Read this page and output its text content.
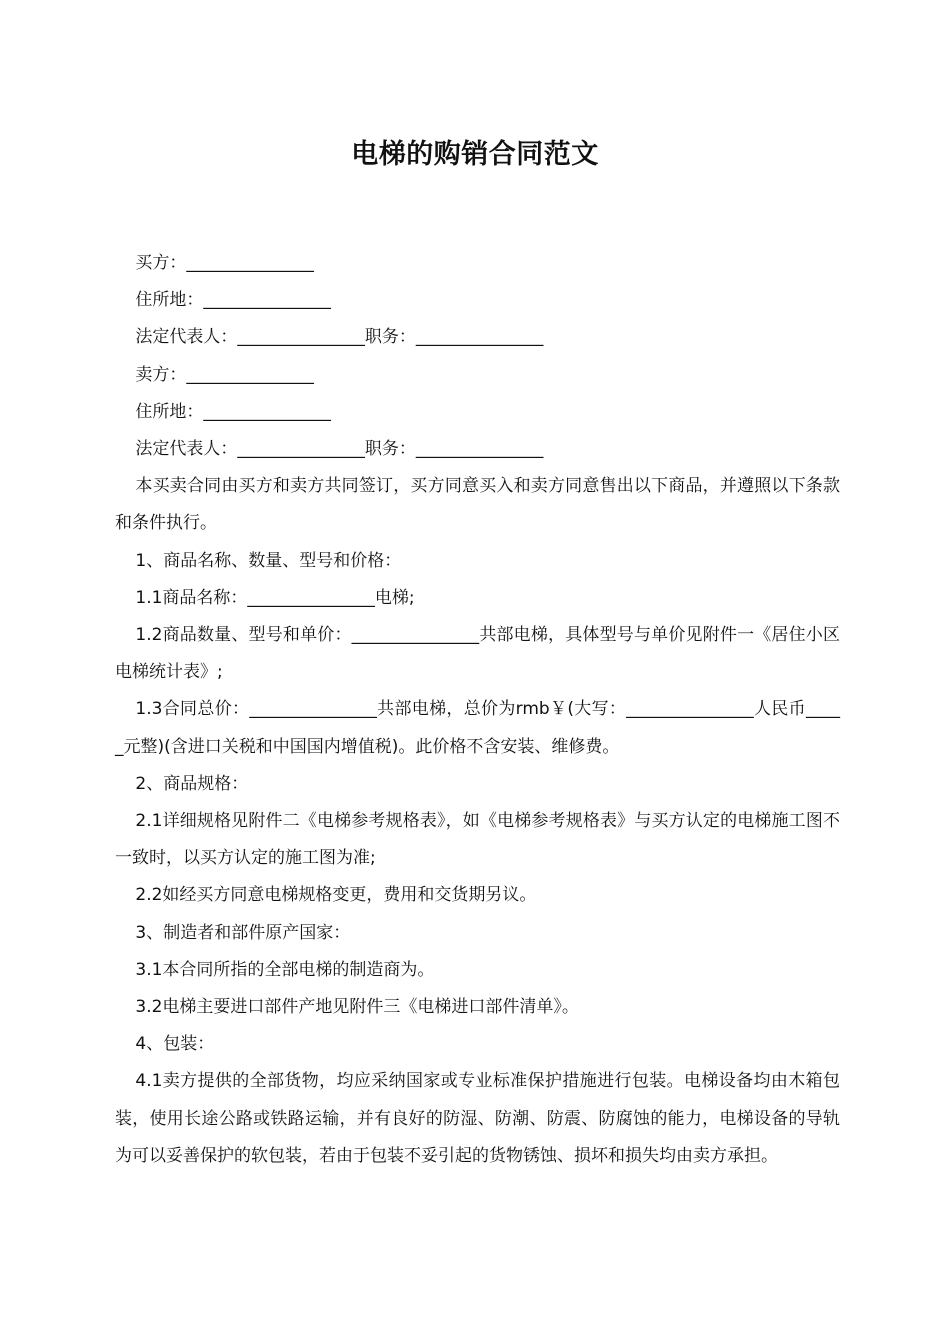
电梯的购销合同范文

买方：_______________

住所地：_______________

法定代表人：_______________职务：_______________

卖方：_______________

住所地：_______________

法定代表人：_______________职务：_______________

本买卖合同由买方和卖方共同签订，买方同意买入和卖方同意售出以下商品，并遵照以下条款和条件执行。

1、商品名称、数量、型号和价格：

1.1商品名称：_______________电梯;

1.2商品数量、型号和单价：_______________共部电梯，具体型号与单价见附件一《居住小区电梯统计表》;

1.3合同总价：_______________共部电梯，总价为rmb￥(大写：_______________人民币_____元整)(含进口关税和中国国内增值税)。此价格不含安装、维修费。

2、商品规格：

2.1详细规格见附件二《电梯参考规格表》，如《电梯参考规格表》与买方认定的电梯施工图不一致时，以买方认定的施工图为准;

2.2如经买方同意电梯规格变更，费用和交货期另议。

3、制造者和部件原产国家：

3.1本合同所指的全部电梯的制造商为。

3.2电梯主要进口部件产地见附件三《电梯进口部件清单》。

4、包装：

4.1卖方提供的全部货物，均应采纳国家或专业标准保护措施进行包装。电梯设备均由木箱包装，使用长途公路或铁路运输，并有良好的防湿、防潮、防震、防腐蚀的能力，电梯设备的导轨为可以妥善保护的软包装，若由于包装不妥引起的货物锈蚀、损坏和损失均由卖方承担。
